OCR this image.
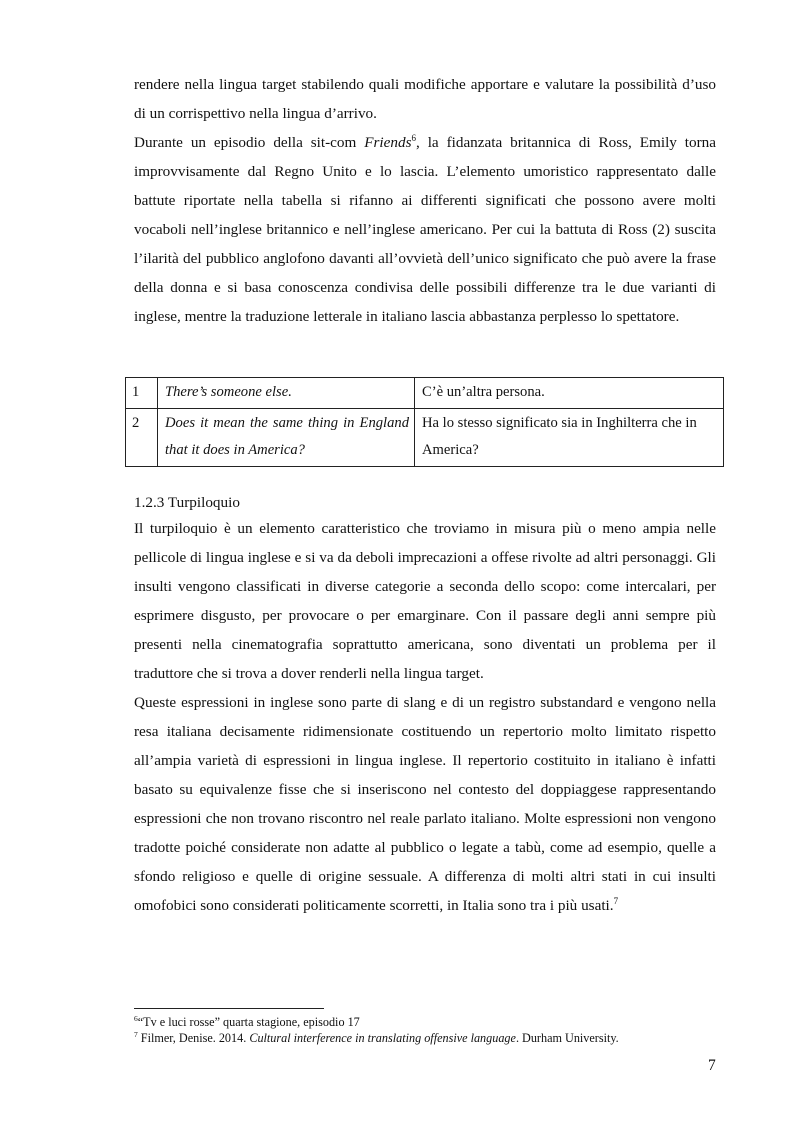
rendere nella lingua target stabilendo quali modifiche apportare e valutare la possibilità d’uso di un corrispettivo nella lingua d’arrivo.

Durante un episodio della sit-com Friends$^6$, la fidanzata britannica di Ross, Emily torna improvvisamente dal Regno Unito e lo lascia. L’elemento umoristico rappresentato dalle battute riportate nella tabella si rifanno ai differenti significati che possono avere molti vocaboli nell’inglese britannico e nell’inglese americano. Per cui la battuta di Ross (2) suscita l’ilarità del pubblico anglofono davanti all’ovvietà dell’unico significato che può avere la frase della donna e si basa conoscenza condivisa delle possibili differenze tra le due varianti di inglese, mentre la traduzione letterale in italiano lascia abbastanza perplesso lo spettatore.

1	There’s someone else.	C’è un’altra persona.
2	Does it mean the same thing in England that it does in America?	Ha lo stesso significato sia in Inghilterra che in America?
1.2.3 Turpiloquio

Il turpiloquio è un elemento caratteristico che troviamo in misura più o meno ampia nelle pellicole di lingua inglese e si va da deboli imprecazioni a offese rivolte ad altri personaggi. Gli insulti vengono classificati in diverse categorie a seconda dello scopo: come intercalari, per esprimere disgusto, per provocare o per emarginare. Con il passare degli anni sempre più presenti nella cinematografia soprattutto americana, sono diventati un problema per il traduttore che si trova a dover renderli nella lingua target.

Queste espressioni in inglese sono parte di slang e di un registro substandard e vengono nella resa italiana decisamente ridimensionate costituendo un repertorio molto limitato rispetto all’ampia varietà di espressioni in lingua inglese. Il repertorio costituito in italiano è infatti basato su equivalenze fisse che si inseriscono nel contesto del doppiaggese rappresentando espressioni che non trovano riscontro nel reale parlato italiano. Molte espressioni non vengono tradotte poiché considerate non adatte al pubblico o legate a tabù, come ad esempio, quelle a sfondo religioso e quelle di origine sessuale. A differenza di molti altri stati in cui insulti omofobici sono considerati politicamente scorretti, in Italia sono tra i più usati.$^7$

$^6$“Tv e luci rosse” quarta stagione, episodio 17
$^7$ Filmer, Denise. 2014. Cultural interference in translating offensive language. Durham University.
7
